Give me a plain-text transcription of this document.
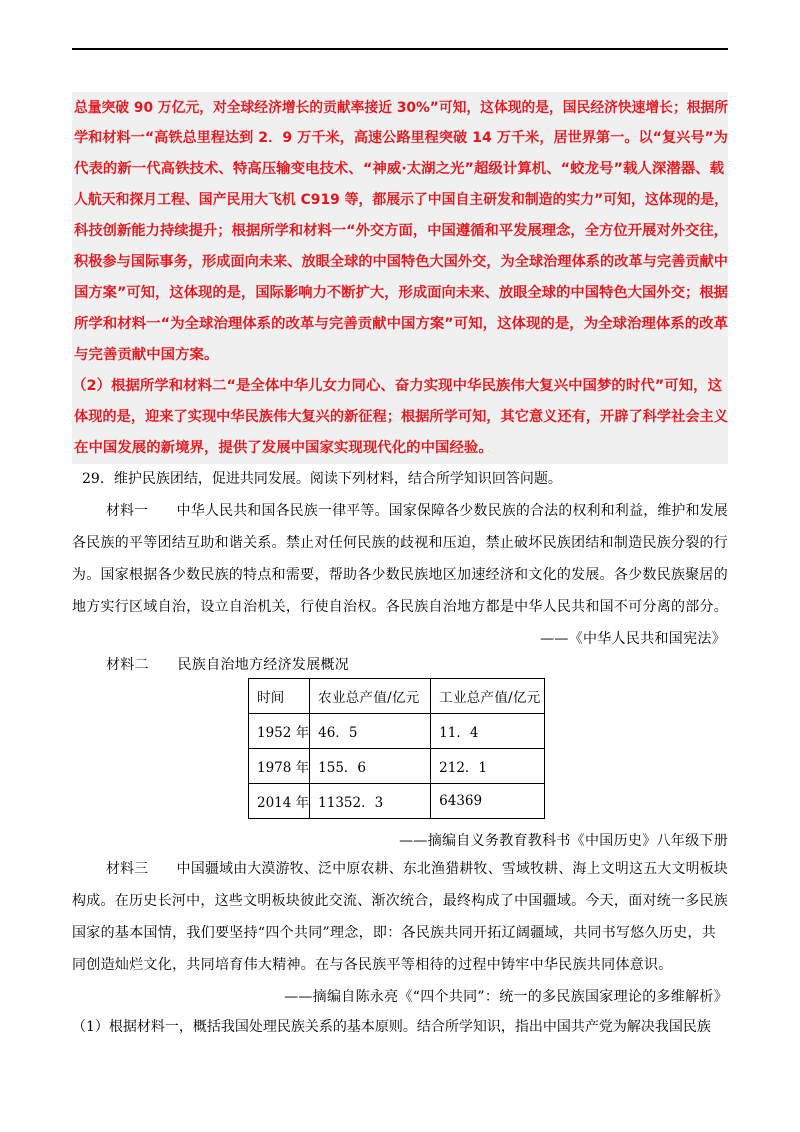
总量突破 90 万亿元，对全球经济增长的贡献率接近 30%”可知，这体现的是，国民经济快速增长；根据所
学和材料一“高铁总里程达到 2．9 万千米，高速公路里程突破 14 万千米，居世界第一。以“复兴号”为
代表的新一代高铁技术、特高压输变电技术、“神威·太湖之光”超级计算机、“蛟龙号”载人深潜器、载
人航天和探月工程、国产民用大飞机 C919 等，都展示了中国自主研发和制造的实力”可知，这体现的是，
科技创新能力持续提升；根据所学和材料一“外交方面，中国遵循和平发展理念，全方位开展对外交往，
积极参与国际事务，形成面向未来、放眼全球的中国特色大国外交，为全球治理体系的改革与完善贡献中
国方案”可知，这体现的是，国际影响力不断扩大，形成面向未来、放眼全球的中国特色大国外交；根据
所学和材料一“为全球治理体系的改革与完善贡献中国方案”可知，这体现的是，为全球治理体系的改革
与完善贡献中国方案。
（2）根据所学和材料二“是全体中华儿女力同心、奋力实现中华民族伟大复兴中国梦的时代”可知，这
体现的是，迎来了实现中华民族伟大复兴的新征程；根据所学可知，其它意义还有，开辟了科学社会主义
在中国发展的新境界，提供了发展中国家实现现代化的中国经验。
29．维护民族团结，促进共同发展。阅读下列材料，结合所学知识回答问题。
材料一　　中华人民共和国各民族一律平等。国家保障各少数民族的合法的权利和利益，维护和发展
各民族的平等团结互助和谐关系。禁止对任何民族的歧视和压迫，禁止破坏民族团结和制造民族分裂的行
为。国家根据各少数民族的特点和需要，帮助各少数民族地区加速经济和文化的发展。各少数民族聚居的
地方实行区域自治，设立自治机关，行使自治权。各民族自治地方都是中华人民共和国不可分离的部分。
——《中华人民共和国宪法》
材料二　　民族自治地方经济发展概况
时间	农业总产值/亿元	工业总产值/亿元
1952 年	46．5	11．4
1978 年	155．6	212．1
2014 年	11352．3	64369
——摘编自义务教育教科书《中国历史》八年级下册
材料三　　中国疆域由大漠游牧、泛中原农耕、东北渔猎耕牧、雪域牧耕、海上文明这五大文明板块
构成。在历史长河中，这些文明板块彼此交流、渐次统合，最终构成了中国疆域。今天，面对统一多民族
国家的基本国情，我们要坚持“四个共同”理念，即：各民族共同开拓辽阔疆域，共同书写悠久历史，共
同创造灿烂文化，共同培育伟大精神。在与各民族平等相待的过程中铸牢中华民族共同体意识。
——摘编自陈永亮《“四个共同”：统一的多民族国家理论的多维解析》
（1）根据材料一，概括我国处理民族关系的基本原则。结合所学知识，指出中国共产党为解决我国民族
